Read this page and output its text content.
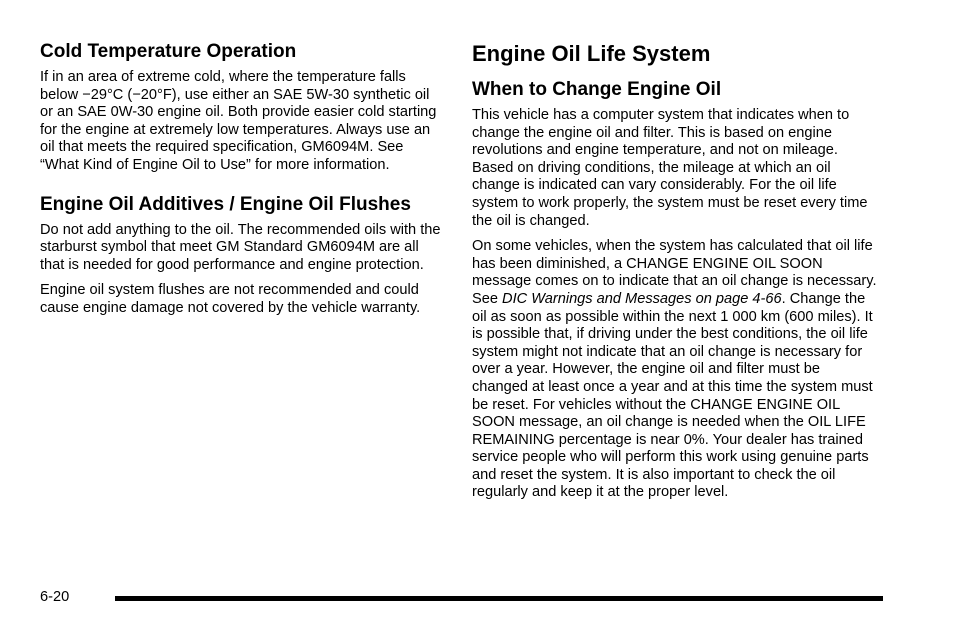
Cold Temperature Operation

If in an area of extreme cold, where the temperature falls below −29°C (−20°F), use either an SAE 5W-30 synthetic oil or an SAE 0W-30 engine oil. Both provide easier cold starting for the engine at extremely low temperatures. Always use an oil that meets the required specification, GM6094M. See “What Kind of Engine Oil to Use” for more information.

Engine Oil Additives / Engine Oil Flushes

Do not add anything to the oil. The recommended oils with the starburst symbol that meet GM Standard GM6094M are all that is needed for good performance and engine protection.

Engine oil system flushes are not recommended and could cause engine damage not covered by the vehicle warranty.

Engine Oil Life System
When to Change Engine Oil

This vehicle has a computer system that indicates when to change the engine oil and filter. This is based on engine revolutions and engine temperature, and not on mileage. Based on driving conditions, the mileage at which an oil change is indicated can vary considerably. For the oil life system to work properly, the system must be reset every time the oil is changed.

On some vehicles, when the system has calculated that oil life has been diminished, a CHANGE ENGINE OIL SOON message comes on to indicate that an oil change is necessary. See DIC Warnings and Messages on page 4-66. Change the oil as soon as possible within the next 1 000 km (600 miles). It is possible that, if driving under the best conditions, the oil life system might not indicate that an oil change is necessary for over a year. However, the engine oil and filter must be changed at least once a year and at this time the system must be reset. For vehicles without the CHANGE ENGINE OIL SOON message, an oil change is needed when the OIL LIFE REMAINING percentage is near 0%. Your dealer has trained service people who will perform this work using genuine parts and reset the system. It is also important to check the oil regularly and keep it at the proper level.

6-20
